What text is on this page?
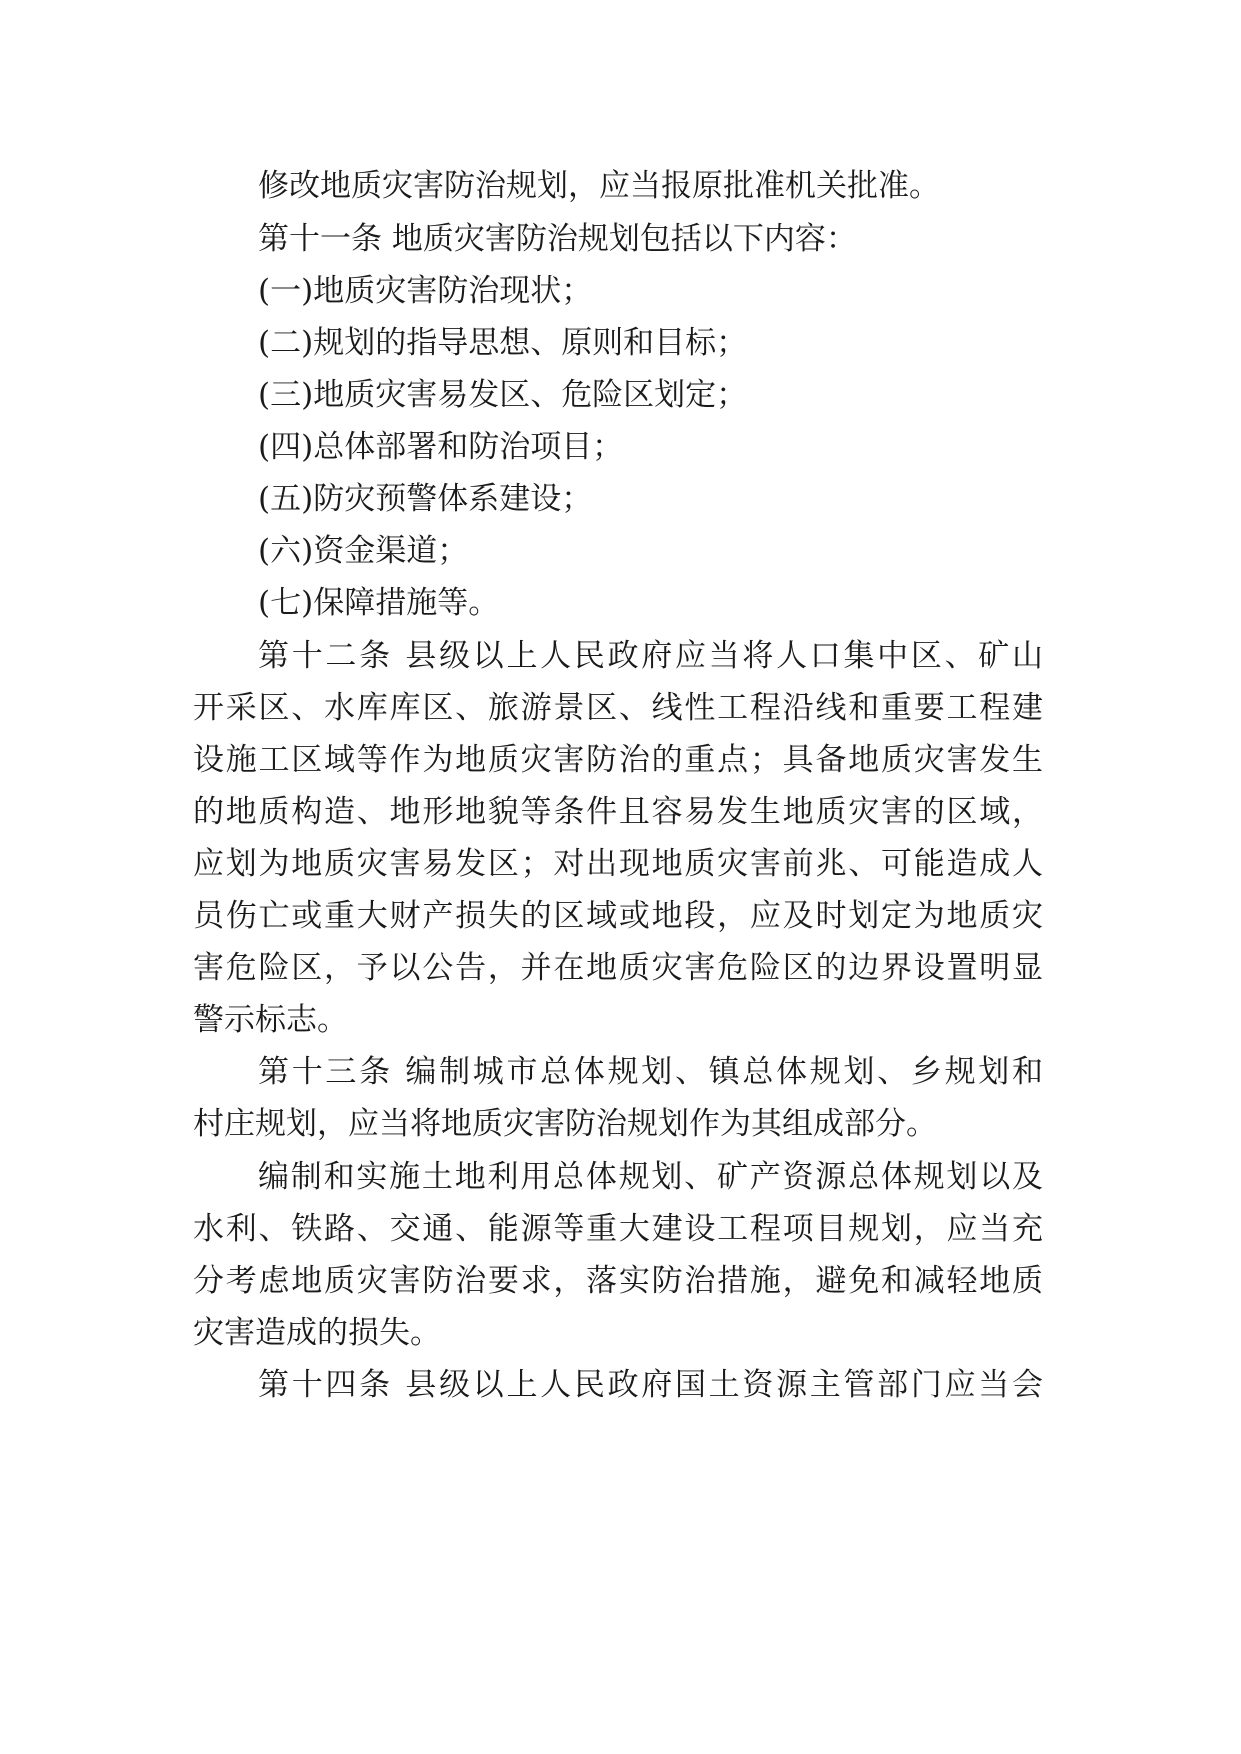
修改地质灾害防治规划，应当报原批准机关批准。
第十一条 地质灾害防治规划包括以下内容：
(一)地质灾害防治现状；
(二)规划的指导思想、原则和目标；
(三)地质灾害易发区、危险区划定；
(四)总体部署和防治项目；
(五)防灾预警体系建设；
(六)资金渠道；
(七)保障措施等。
第十二条 县级以上人民政府应当将人口集中区、矿山
开采区、水库库区、旅游景区、线性工程沿线和重要工程建
设施工区域等作为地质灾害防治的重点；具备地质灾害发生
的地质构造、地形地貌等条件且容易发生地质灾害的区域，
应划为地质灾害易发区；对出现地质灾害前兆、可能造成人
员伤亡或重大财产损失的区域或地段，应及时划定为地质灾
害危险区，予以公告，并在地质灾害危险区的边界设置明显
警示标志。
第十三条 编制城市总体规划、镇总体规划、乡规划和
村庄规划，应当将地质灾害防治规划作为其组成部分。
编制和实施土地利用总体规划、矿产资源总体规划以及
水利、铁路、交通、能源等重大建设工程项目规划，应当充
分考虑地质灾害防治要求，落实防治措施，避免和减轻地质
灾害造成的损失。
第十四条 县级以上人民政府国土资源主管部门应当会
